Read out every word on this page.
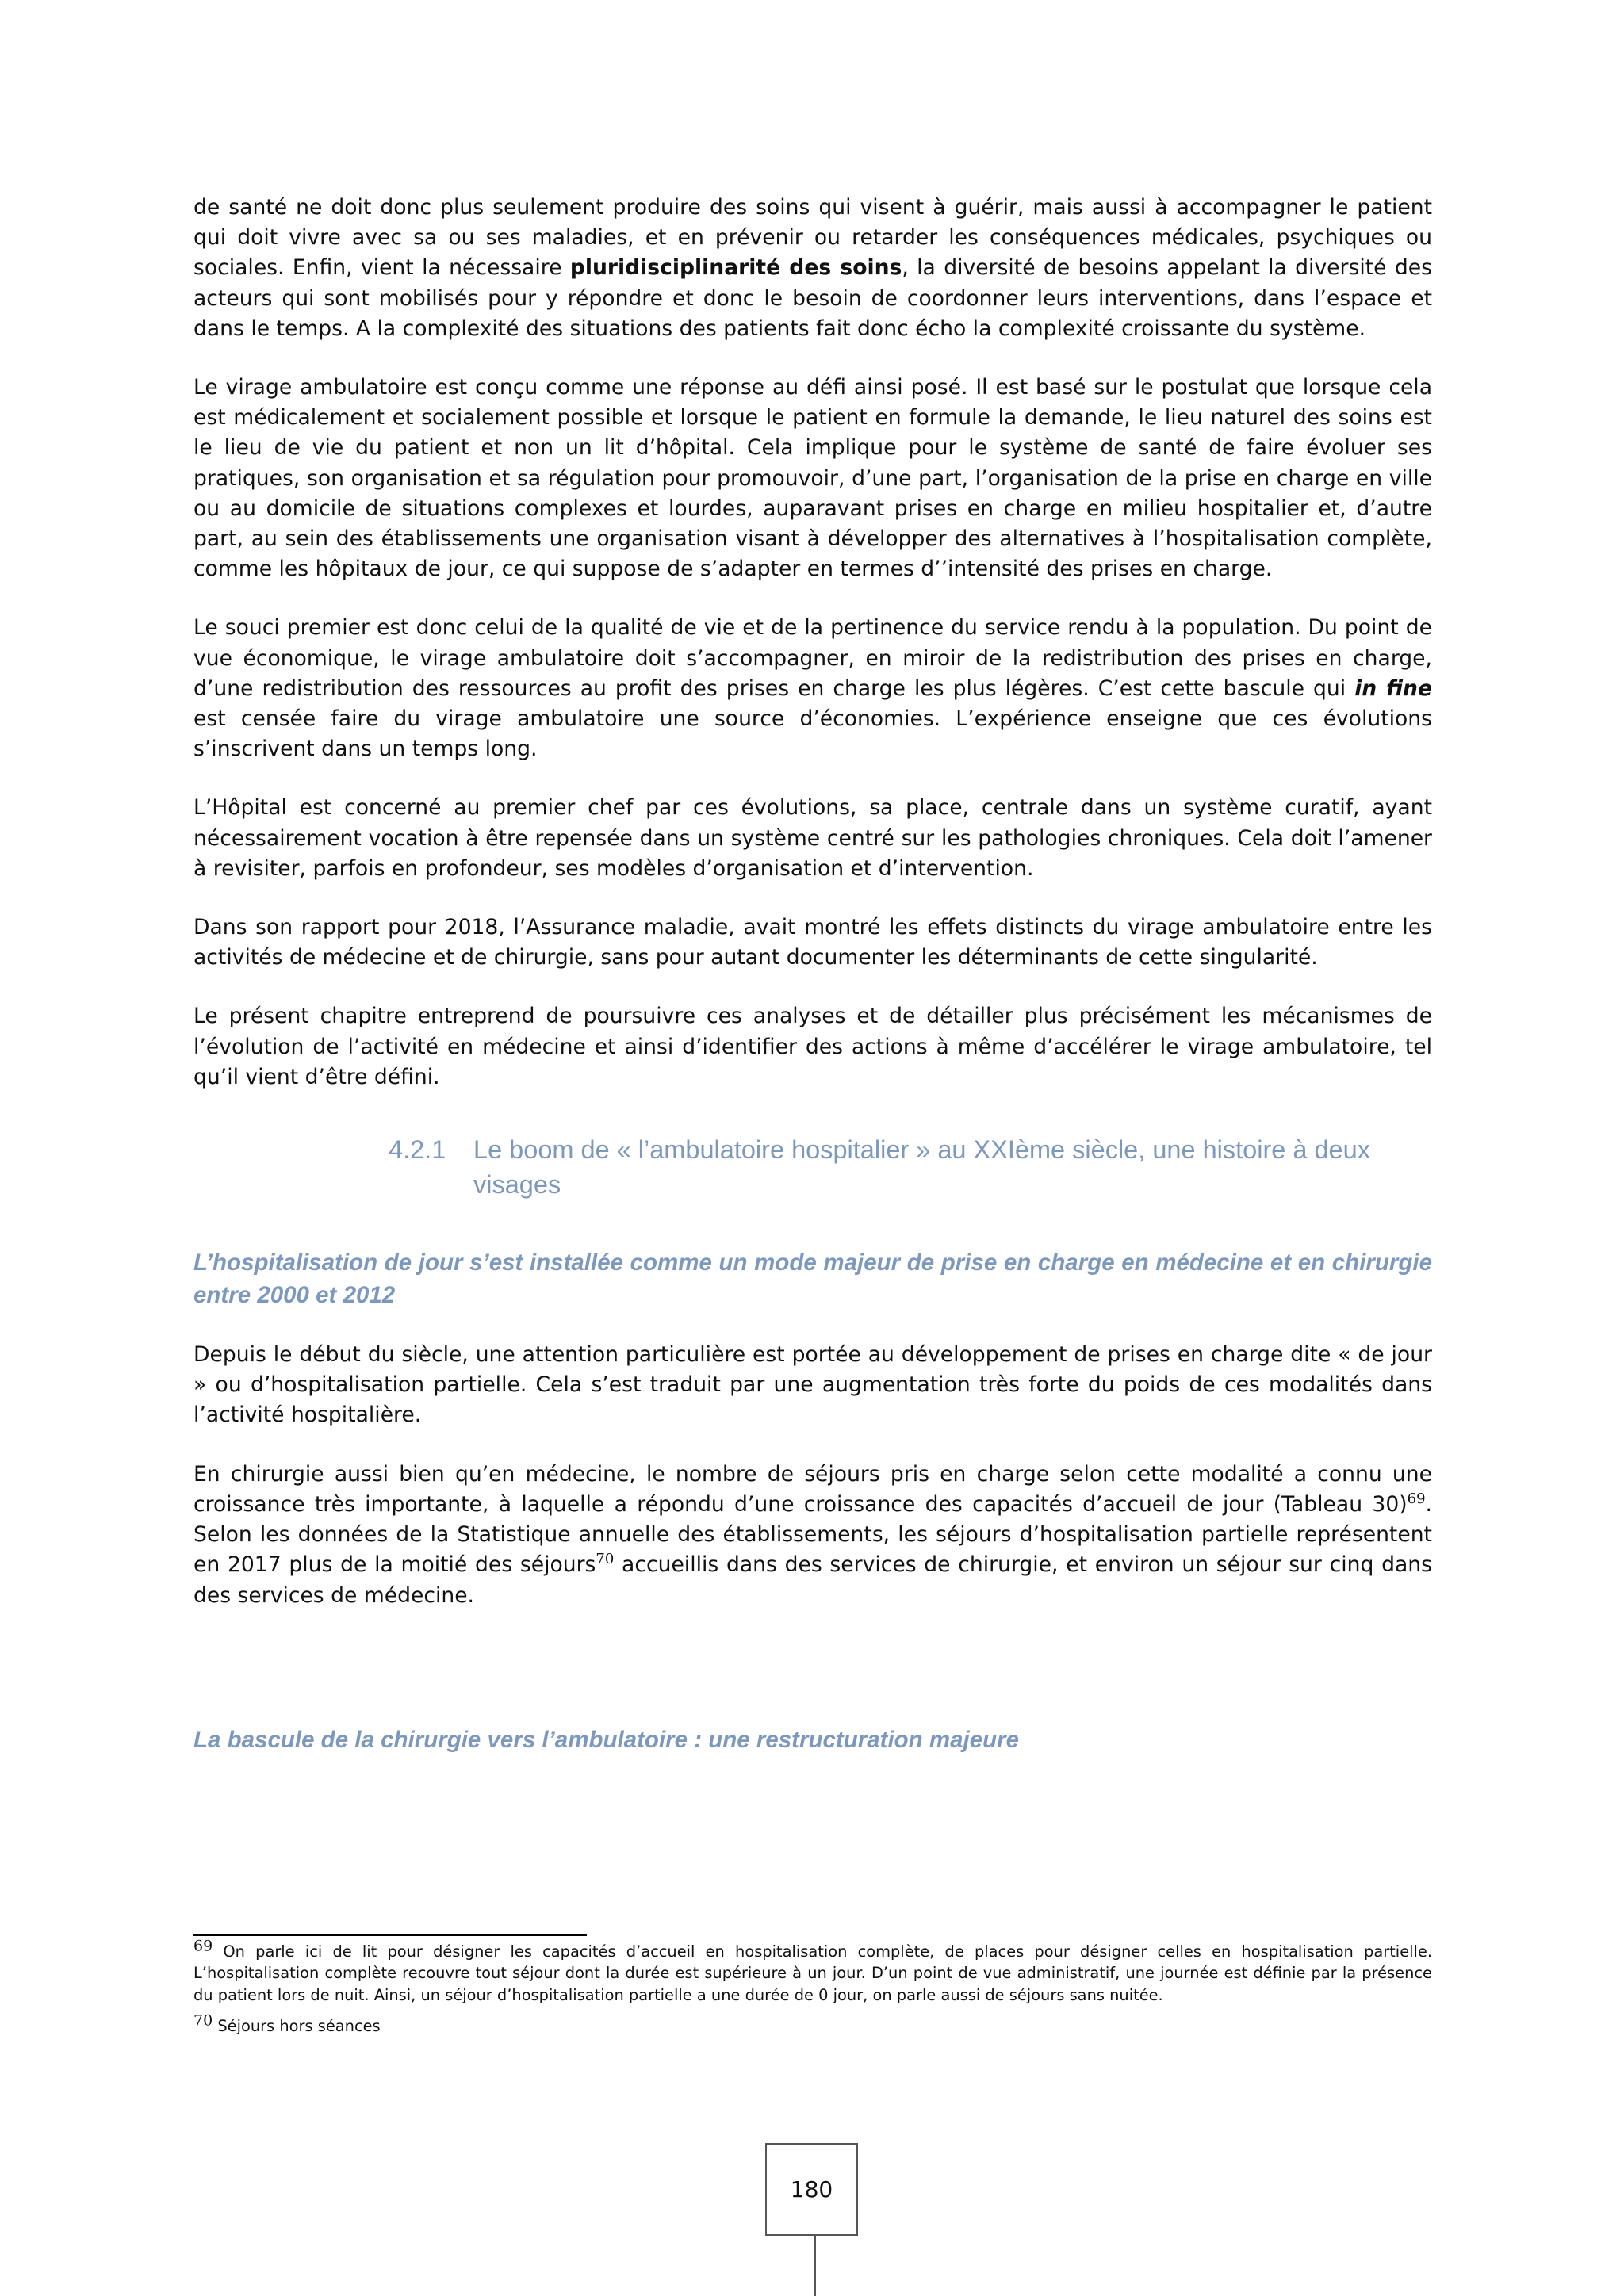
de santé ne doit donc plus seulement produire des soins qui visent à guérir, mais aussi à accompagner le patient qui doit vivre avec sa ou ses maladies, et en prévenir ou retarder les conséquences médicales, psychiques ou sociales. Enfin, vient la nécessaire pluridisciplinarité des soins, la diversité de besoins appelant la diversité des acteurs qui sont mobilisés pour y répondre et donc le besoin de coordonner leurs interventions, dans l’espace et dans le temps. A la complexité des situations des patients fait donc écho la complexité croissante du système.

Le virage ambulatoire est conçu comme une réponse au défi ainsi posé. Il est basé sur le postulat que lorsque cela est médicalement et socialement possible et lorsque le patient en formule la demande, le lieu naturel des soins est le lieu de vie du patient et non un lit d’hôpital. Cela implique pour le système de santé de faire évoluer ses pratiques, son organisation et sa régulation pour promouvoir, d’une part, l’organisation de la prise en charge en ville ou au domicile de situations complexes et lourdes, auparavant prises en charge en milieu hospitalier et, d’autre part, au sein des établissements une organisation visant à développer des alternatives à l’hospitalisation complète, comme les hôpitaux de jour, ce qui suppose de s’adapter en termes d’’intensité des prises en charge.

Le souci premier est donc celui de la qualité de vie et de la pertinence du service rendu à la population. Du point de vue économique, le virage ambulatoire doit s’accompagner, en miroir de la redistribution des prises en charge, d’une redistribution des ressources au profit des prises en charge les plus légères. C’est cette bascule qui in fine est censée faire du virage ambulatoire une source d’économies. L’expérience enseigne que ces évolutions s’inscrivent dans un temps long.

L’Hôpital est concerné au premier chef par ces évolutions, sa place, centrale dans un système curatif, ayant nécessairement vocation à être repensée dans un système centré sur les pathologies chroniques. Cela doit l’amener à revisiter, parfois en profondeur, ses modèles d’organisation et d’intervention.

Dans son rapport pour 2018, l’Assurance maladie, avait montré les effets distincts du virage ambulatoire entre les activités de médecine et de chirurgie, sans pour autant documenter les déterminants de cette singularité.

Le présent chapitre entreprend de poursuivre ces analyses et de détailler plus précisément les mécanismes de l’évolution de l’activité en médecine et ainsi d’identifier des actions à même d’accélérer le virage ambulatoire, tel qu’il vient d’être défini.

4.2.1	Le boom de « l’ambulatoire hospitalier » au XXIème siècle, une histoire à deux visages
L’hospitalisation de jour s’est installée comme un mode majeur de prise en charge en médecine et en chirurgie entre 2000 et 2012

Depuis le début du siècle, une attention particulière est portée au développement de prises en charge dite « de jour » ou d’hospitalisation partielle. Cela s’est traduit par une augmentation très forte du poids de ces modalités dans l’activité hospitalière.

En chirurgie aussi bien qu’en médecine, le nombre de séjours pris en charge selon cette modalité a connu une croissance très importante, à laquelle a répondu d’une croissance des capacités d’accueil de jour (Tableau 30)$^{69}$. Selon les données de la Statistique annuelle des établissements, les séjours d’hospitalisation partielle représentent en 2017 plus de la moitié des séjours$^{70}$ accueillis dans des services de chirurgie, et environ un séjour sur cinq dans des services de médecine.

La bascule de la chirurgie vers l’ambulatoire : une restructuration majeure

$^{69}$ On parle ici de lit pour désigner les capacités d’accueil en hospitalisation complète, de places pour désigner celles en hospitalisation partielle. L’hospitalisation complète recouvre tout séjour dont la durée est supérieure à un jour. D’un point de vue administratif, une journée est définie par la présence du patient lors de nuit. Ainsi, un séjour d’hospitalisation partielle a une durée de 0 jour, on parle aussi de séjours sans nuitée.

$^{70}$ Séjours hors séances

180
